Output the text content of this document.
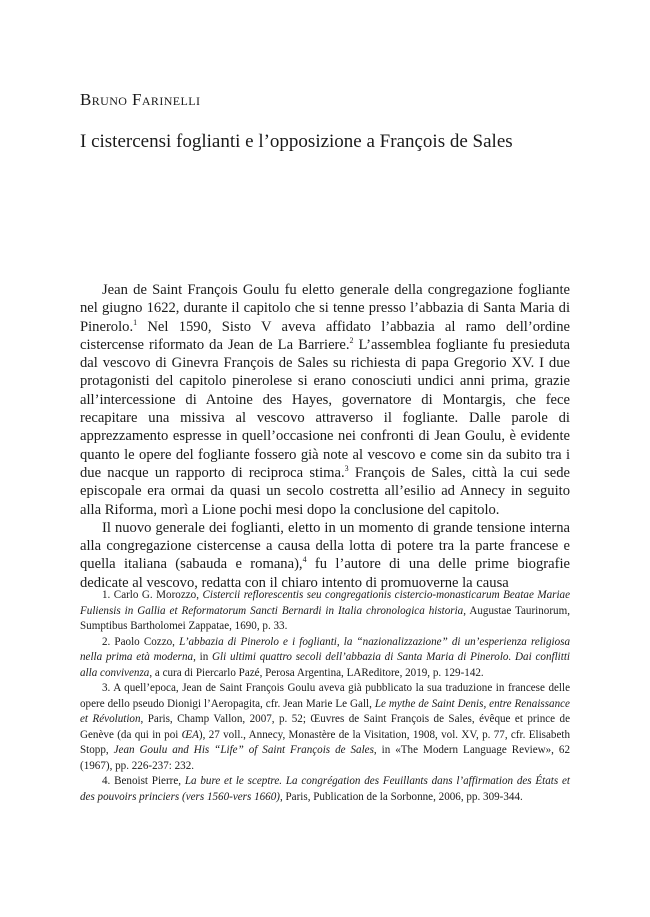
Bruno Farinelli
I cistercensi foglianti e l’opposizione a François de Sales

Jean de Saint François Goulu fu eletto generale della congregazione fogliante nel giugno 1622, durante il capitolo che si tenne presso l’abbazia di Santa Maria di Pinerolo.$^1$ Nel 1590, Sisto V aveva affidato l’abbazia al ramo dell’ordine cistercense riformato da Jean de La Barriere.$^2$ L’assemblea fogliante fu presieduta dal vescovo di Ginevra François de Sales su richiesta di papa Gregorio XV. I due protagonisti del capitolo pinerolese si erano conosciuti undici anni prima, grazie all’intercessione di Antoine des Hayes, governatore di Montargis, che fece recapitare una missiva al vescovo attraverso il fogliante. Dalle parole di apprezzamento espresse in quell’occasione nei confronti di Jean Goulu, è evidente quanto le opere del fogliante fossero già note al vescovo e come sin da subito tra i due nacque un rapporto di reciproca stima.$^3$ François de Sales, città la cui sede episcopale era ormai da quasi un secolo costretta all’esilio ad Annecy in seguito alla Riforma, morì a Lione pochi mesi dopo la conclusione del capitolo.

Il nuovo generale dei foglianti, eletto in un momento di grande tensione interna alla congregazione cistercense a causa della lotta di potere tra la parte francese e quella italiana (sabauda e romana),$^4$ fu l’autore di una delle prime biografie dedicate al vescovo, redatta con il chiaro intento di promuoverne la causa

1. Carlo G. Morozzo, Cistercii reflorescentis seu congregationis cistercio-monasticarum Beatae Mariae Fuliensis in Gallia et Reformatorum Sancti Bernardi in Italia chronologica historia, Augustae Taurinorum, Sumptibus Bartholomei Zappatae, 1690, p. 33.

2. Paolo Cozzo, L’abbazia di Pinerolo e i foglianti, la “nazionalizzazione” di un’esperienza religiosa nella prima età moderna, in Gli ultimi quattro secoli dell’abbazia di Santa Maria di Pinerolo. Dai conflitti alla convivenza, a cura di Piercarlo Pazé, Perosa Argentina, LAReditore, 2019, p. 129-142.

3. A quell’epoca, Jean de Saint François Goulu aveva già pubblicato la sua traduzione in francese delle opere dello pseudo Dionigi l’Aeropagita, cfr. Jean Marie Le Gall, Le mythe de Saint Denis, entre Renaissance et Révolution, Paris, Champ Vallon, 2007, p. 52; Œuvres de Saint François de Sales, évêque et prince de Genève (da qui in poi ŒA), 27 voll., Annecy, Monastère de la Visitation, 1908, vol. XV, p. 77, cfr. Elisabeth Stopp, Jean Goulu and His “Life” of Saint François de Sales, in «The Modern Language Review», 62 (1967), pp. 226-237: 232.

4. Benoist Pierre, La bure et le sceptre. La congrégation des Feuillants dans l’affirmation des États et des pouvoirs princiers (vers 1560-vers 1660), Paris, Publication de la Sorbonne, 2006, pp. 309-344.
